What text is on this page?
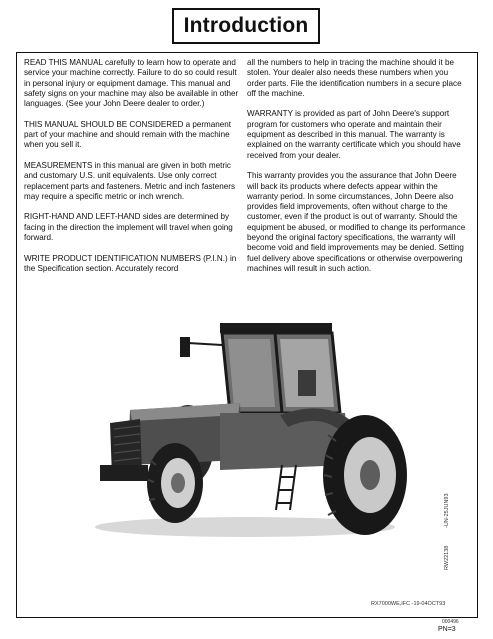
Introduction

READ THIS MANUAL carefully to learn how to operate and service your machine correctly. Failure to do so could result in personal injury or equipment damage. This manual and safety signs on your machine may also be available in other languages. (See your John Deere dealer to order.)

THIS MANUAL SHOULD BE CONSIDERED a permanent part of your machine and should remain with the machine when you sell it.

MEASUREMENTS in this manual are given in both metric and customary U.S. unit equivalents. Use only correct replacement parts and fasteners. Metric and inch fasteners may require a specific metric or inch wrench.

RIGHT-HAND AND LEFT-HAND sides are determined by facing in the direction the implement will travel when going forward.

WRITE PRODUCT IDENTIFICATION NUMBERS (P.I.N.) in the Specification section. Accurately record

all the numbers to help in tracing the machine should it be stolen. Your dealer also needs these numbers when you order parts. File the identification numbers in a secure place off the machine.

WARRANTY is provided as part of John Deere's support program for customers who operate and maintain their equipment as described in this manual. The warranty is explained on the warranty certificate which you should have received from your dealer.

This warranty provides you the assurance that John Deere will back its products where defects appear within the warranty period. In some circumstances, John Deere also provides field improvements, often without charge to the customer, even if the product is out of warranty. Should the equipment be abused, or modified to change its performance beyond the original factory specifications, the warranty will become void and field improvements may be denied. Setting fuel delivery above specifications or otherwise overpowering machines will result in such action.

RW22138
-UN-25JUN93
RX7000WE,IFC -19-04OCT93
000496
PN=3
